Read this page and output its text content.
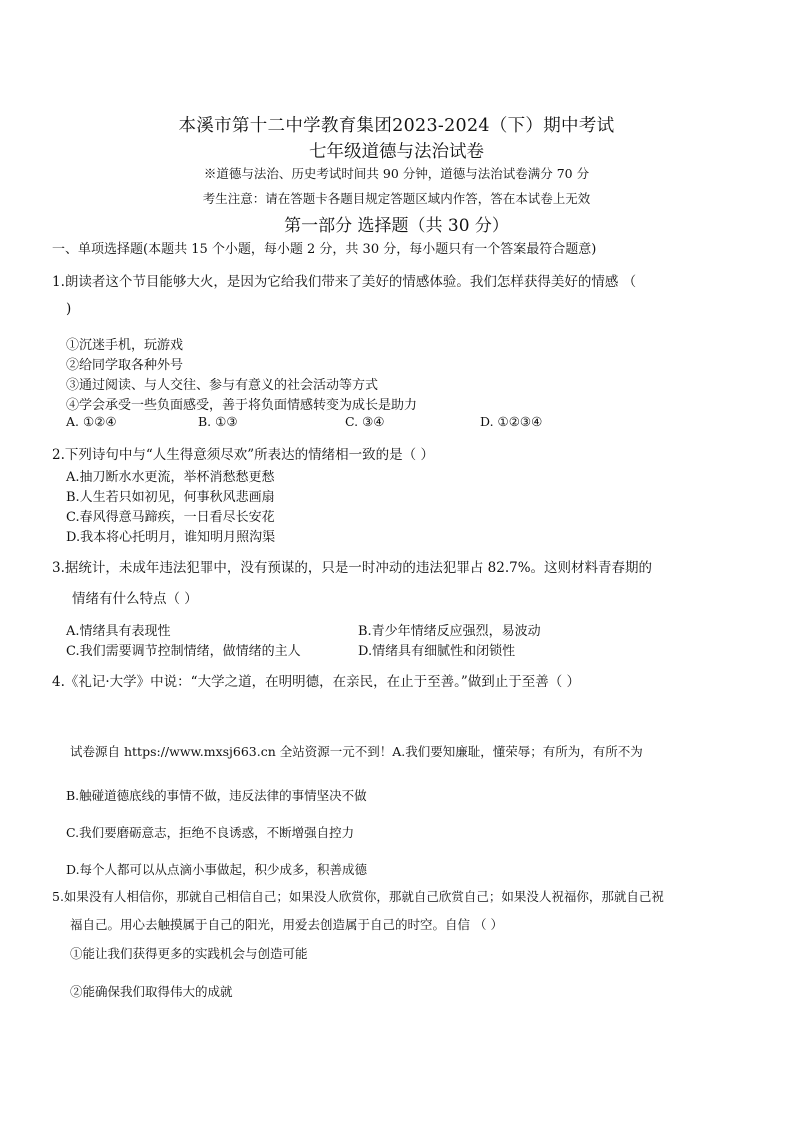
本溪市第十二中学教育集团2023-2024（下）期中考试
七年级道德与法治试卷
※道德与法治、历史考试时间共 90 分钟，道德与法治试卷满分 70 分
考生注意：请在答题卡各题目规定答题区域内作答，答在本试卷上无效
第一部分 选择题（共 30 分）
一、单项选择题(本题共 15 个小题，每小题 2 分，共 30 分，每小题只有一个答案最符合题意)
1.朗读者这个节目能够大火，是因为它给我们带来了美好的情感体验。我们怎样获得美好的情感 （
)
①沉迷手机，玩游戏
②给同学取各种外号
③通过阅读、与人交往、参与有意义的社会活动等方式
④学会承受一些负面感受，善于将负面情感转变为成长是助力
A. ①②④	B. ①③	C. ③④	D. ①②③④
2.下列诗句中与“人生得意须尽欢”所表达的情绪相一致的是（ ）
A.抽刀断水水更流，举杯消愁愁更愁
B.人生若只如初见，何事秋风悲画扇
C.春风得意马蹄疾，一日看尽长安花
D.我本将心托明月，谁知明月照沟渠
3.据统计，未成年违法犯罪中，没有预谋的，只是一时冲动的违法犯罪占 82.7%。这则材料青春期的
情绪有什么特点（ ）
A.情绪具有表现性	B.青少年情绪反应强烈，易波动
C.我们需要调节控制情绪，做情绪的主人	D.情绪具有细腻性和闭锁性
4.《礼记·大学》中说：“大学之道，在明明德，在亲民，在止于至善。”做到止于至善（ ）
试卷源自 https://www.mxsj663.cn 全站资源一元不到！A.我们要知廉耻，懂荣辱；有所为，有所不为
B.触碰道德底线的事情不做，违反法律的事情坚决不做
C.我们要磨砺意志，拒绝不良诱惑，不断增强自控力
D.每个人都可以从点滴小事做起，积少成多，积善成德
5.如果没有人相信你，那就自己相信自己；如果没人欣赏你，那就自己欣赏自己；如果没人祝福你，那就自己祝
福自己。用心去触摸属于自己的阳光，用爱去创造属于自己的时空。自信 （ ）
①能让我们获得更多的实践机会与创造可能
②能确保我们取得伟大的成就
